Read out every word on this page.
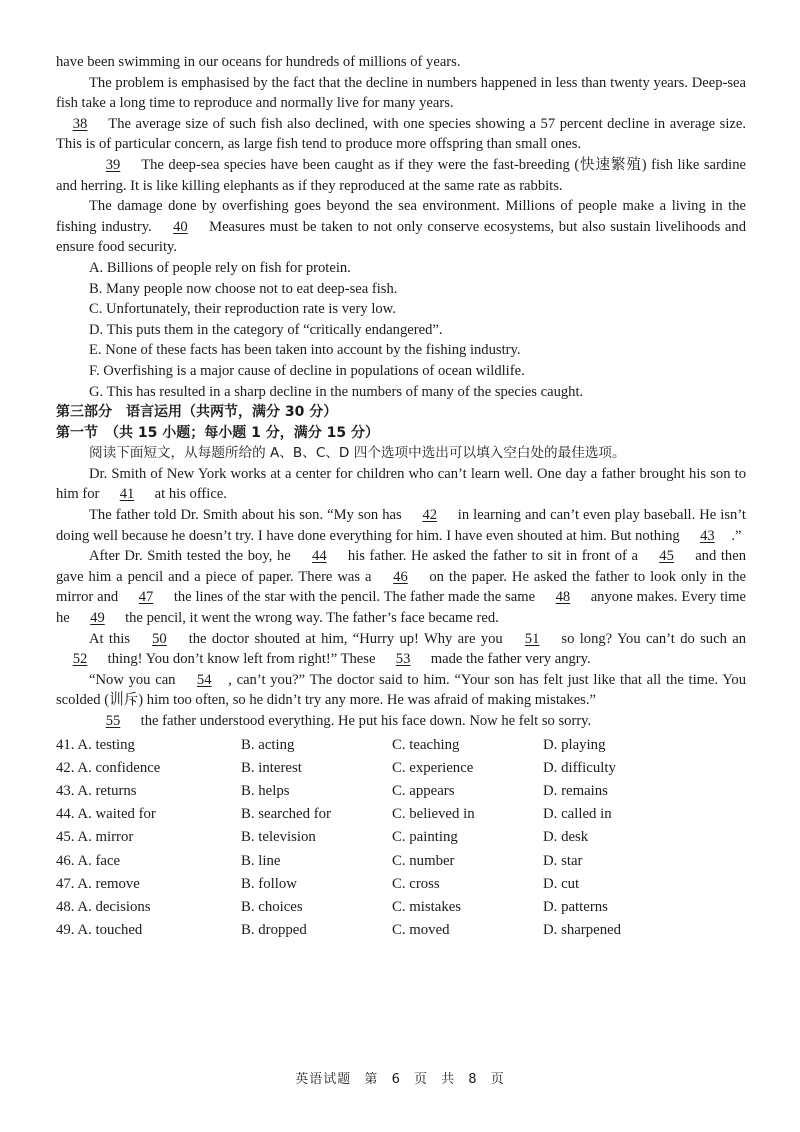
have been swimming in our oceans for hundreds of millions of years.

The problem is emphasised by the fact that the decline in numbers happened in less than twenty years. Deep-sea fish take a long time to reproduce and normally live for many years.

38 The average size of such fish also declined, with one species showing a 57 percent decline in average size. This is of particular concern, as large fish tend to produce more offspring than small ones.

39 The deep-sea species have been caught as if they were the fast-breeding (快速繁殖) fish like sardine and herring. It is like killing elephants as if they reproduced at the same rate as rabbits.

The damage done by overfishing goes beyond the sea environment. Millions of people make a living in the fishing industry. 40 Measures must be taken to not only conserve ecosystems, but also sustain livelihoods and ensure food security.

A. Billions of people rely on fish for protein.

B. Many people now choose not to eat deep-sea fish.

C. Unfortunately, their reproduction rate is very low.

D. This puts them in the category of “critically endangered”.

E. None of these facts has been taken into account by the fishing industry.

F. Overfishing is a major cause of decline in populations of ocean wildlife.

G. This has resulted in a sharp decline in the numbers of many of the species caught.

第三部分　语言运用（共两节，满分 30 分）

第一节　（共 15 小题；每小题 1 分，满分 15 分）

阅读下面短文，从每题所给的 A、B、C、D 四个选项中选出可以填入空白处的最佳选项。

Dr. Smith of New York works at a center for children who can’t learn well. One day a father brought his son to him for 41 at his office.

The father told Dr. Smith about his son. “My son has 42 in learning and can’t even play baseball. He isn’t doing well because he doesn’t try. I have done everything for him. I have even shouted at him. But nothing 43 .”

After Dr. Smith tested the boy, he 44 his father. He asked the father to sit in front of a 45 and then gave him a pencil and a piece of paper. There was a 46 on the paper. He asked the father to look only in the mirror and 47 the lines of the star with the pencil. The father made the same 48 anyone makes. Every time he 49 the pencil, it went the wrong way. The father’s face became red.

At this 50 the doctor shouted at him, “Hurry up! Why are you 51 so long? You can’t do such an 52 thing! You don’t know left from right!” These 53 made the father very angry.

“Now you can 54 , can’t you?” The doctor said to him. “Your son has felt just like that all the time. You scolded (训斥) him too often, so he didn’t try any more. He was afraid of making mistakes.”

55 the father understood everything. He put his face down. Now he felt so sorry.

41. A. testing	B. acting	C. teaching	D. playing
42. A. confidence	B. interest	C. experience	D. difficulty
43. A. returns	B. helps	C. appears	D. remains
44. A. waited for	B. searched for	C. believed in	D. called in
45. A. mirror	B. television	C. painting	D. desk
46. A. face	B. line	C. number	D. star
47. A. remove	B. follow	C. cross	D. cut
48. A. decisions	B. choices	C. mistakes	D. patterns
49. A. touched	B. dropped	C. moved	D. sharpened
英语试题 第 6 页 共 8 页
